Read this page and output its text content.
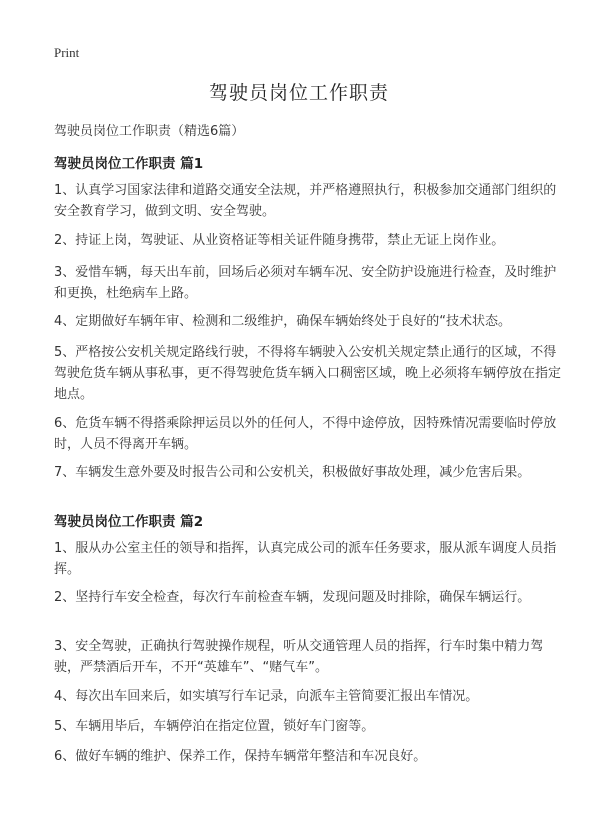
Print
驾驶员岗位工作职责
驾驶员岗位工作职责（精选6篇）
驾驶员岗位工作职责 篇1
1、认真学习国家法律和道路交通安全法规，并严格遵照执行，积极参加交通部门组织的安全教育学习，做到文明、安全驾驶。
2、持证上岗，驾驶证、从业资格证等相关证件随身携带，禁止无证上岗作业。
3、爱惜车辆，每天出车前，回场后必须对车辆车况、安全防护设施进行检查，及时维护和更换，杜绝病车上路。
4、定期做好车辆年审、检测和二级维护，确保车辆始终处于良好的“技术状态。
5、严格按公安机关规定路线行驶，不得将车辆驶入公安机关规定禁止通行的区域，不得驾驶危货车辆从事私事，更不得驾驶危货车辆入口稠密区域，晚上必须将车辆停放在指定地点。
6、危货车辆不得搭乘除押运员以外的任何人，不得中途停放，因特殊情况需要临时停放时，人员不得离开车辆。
7、车辆发生意外要及时报告公司和公安机关，积极做好事故处理，减少危害后果。
驾驶员岗位工作职责 篇2
1、服从办公室主任的领导和指挥，认真完成公司的派车任务要求，服从派车调度人员指挥。
2、坚持行车安全检查，每次行车前检查车辆，发现问题及时排除，确保车辆运行。
3、安全驾驶，正确执行驾驶操作规程，听从交通管理人员的指挥，行车时集中精力驾驶，严禁酒后开车，不开“英雄车”、“赌气车”。
4、每次出车回来后，如实填写行车记录，向派车主管简要汇报出车情况。
5、车辆用毕后，车辆停泊在指定位置，锁好车门窗等。
6、做好车辆的维护、保养工作，保持车辆常年整洁和车况良好。
